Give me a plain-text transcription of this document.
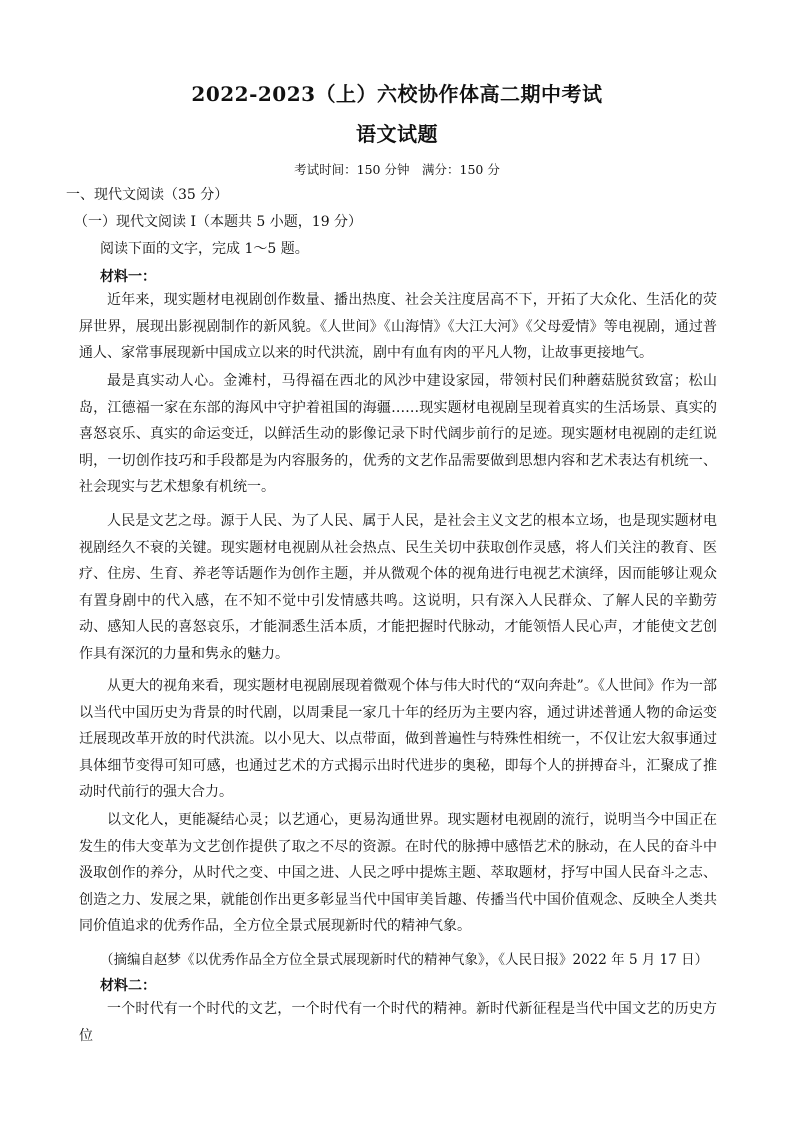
2022-2023（上）六校协作体高二期中考试
语文试题
考试时间：150 分钟　满分：150 分
一、现代文阅读（35 分）
（一）现代文阅读 I（本题共 5 小题，19 分）
阅读下面的文字，完成 1～5 题。
材料一：
近年来，现实题材电视剧创作数量、播出热度、社会关注度居高不下，开拓了大众化、生活化的荧屏世界，展现出影视剧制作的新风貌。《人世间》《山海情》《大江大河》《父母爱情》等电视剧，通过普通人、家常事展现新中国成立以来的时代洪流，剧中有血有肉的平凡人物，让故事更接地气。
最是真实动人心。金滩村，马得福在西北的风沙中建设家园，带领村民们种蘑菇脱贫致富；松山岛，江德福一家在东部的海风中守护着祖国的海疆……现实题材电视剧呈现着真实的生活场景、真实的喜怒哀乐、真实的命运变迁，以鲜活生动的影像记录下时代阔步前行的足迹。现实题材电视剧的走红说明，一切创作技巧和手段都是为内容服务的，优秀的文艺作品需要做到思想内容和艺术表达有机统一、社会现实与艺术想象有机统一。
人民是文艺之母。源于人民、为了人民、属于人民，是社会主义文艺的根本立场，也是现实题材电视剧经久不衰的关键。现实题材电视剧从社会热点、民生关切中获取创作灵感，将人们关注的教育、医疗、住房、生育、养老等话题作为创作主题，并从微观个体的视角进行电视艺术演绎，因而能够让观众有置身剧中的代入感，在不知不觉中引发情感共鸣。这说明，只有深入人民群众、了解人民的辛勤劳动、感知人民的喜怒哀乐，才能洞悉生活本质，才能把握时代脉动，才能领悟人民心声，才能使文艺创作具有深沉的力量和隽永的魅力。
从更大的视角来看，现实题材电视剧展现着微观个体与伟大时代的“双向奔赴”。《人世间》作为一部以当代中国历史为背景的时代剧，以周秉昆一家几十年的经历为主要内容，通过讲述普通人物的命运变迁展现改革开放的时代洪流。以小见大、以点带面，做到普遍性与特殊性相统一，不仅让宏大叙事通过具体细节变得可知可感，也通过艺术的方式揭示出时代进步的奥秘，即每个人的拼搏奋斗，汇聚成了推动时代前行的强大合力。
以文化人，更能凝结心灵；以艺通心，更易沟通世界。现实题材电视剧的流行，说明当今中国正在发生的伟大变革为文艺创作提供了取之不尽的资源。在时代的脉搏中感悟艺术的脉动，在人民的奋斗中汲取创作的养分，从时代之变、中国之进、人民之呼中提炼主题、萃取题材，抒写中国人民奋斗之志、创造之力、发展之果，就能创作出更多彰显当代中国审美旨趣、传播当代中国价值观念、反映全人类共同价值追求的优秀作品，全方位全景式展现新时代的精神气象。
（摘编自赵梦《以优秀作品全方位全景式展现新时代的精神气象》，《人民日报》2022 年 5 月 17 日）
材料二：
一个时代有一个时代的文艺，一个时代有一个时代的精神。新时代新征程是当代中国文艺的历史方位
